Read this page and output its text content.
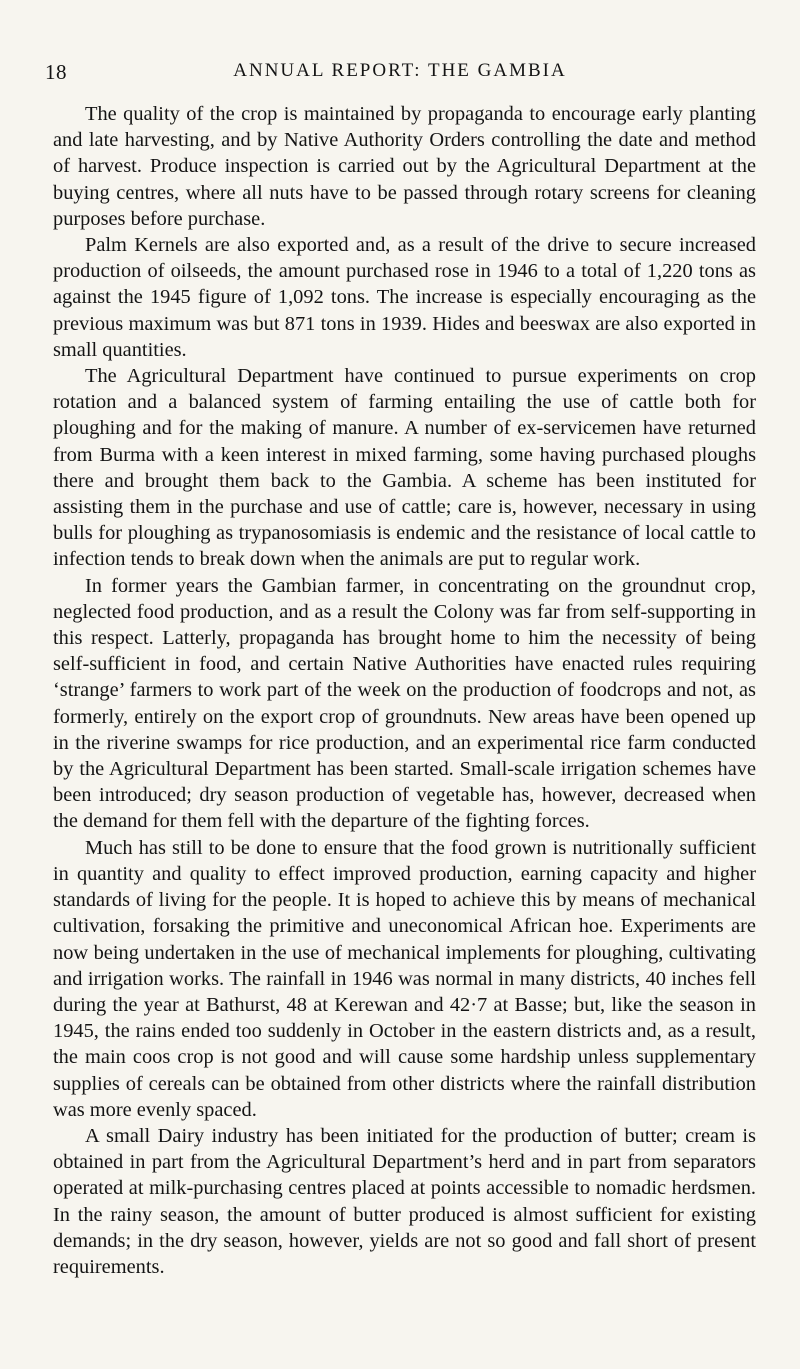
18	ANNUAL REPORT: THE GAMBIA

The quality of the crop is maintained by propaganda to encourage early planting and late harvesting, and by Native Authority Orders controlling the date and method of harvest. Produce inspection is carried out by the Agricultural Department at the buying centres, where all nuts have to be passed through rotary screens for cleaning purposes before purchase.

Palm Kernels are also exported and, as a result of the drive to secure increased production of oilseeds, the amount purchased rose in 1946 to a total of 1,220 tons as against the 1945 figure of 1,092 tons. The increase is especially encouraging as the previous maximum was but 871 tons in 1939. Hides and beeswax are also exported in small quantities.

The Agricultural Department have continued to pursue experiments on crop rotation and a balanced system of farming entailing the use of cattle both for ploughing and for the making of manure. A number of ex-servicemen have returned from Burma with a keen interest in mixed farming, some having purchased ploughs there and brought them back to the Gambia. A scheme has been instituted for assisting them in the purchase and use of cattle; care is, however, necessary in using bulls for ploughing as trypanosomiasis is endemic and the resistance of local cattle to infection tends to break down when the animals are put to regular work.

In former years the Gambian farmer, in concentrating on the groundnut crop, neglected food production, and as a result the Colony was far from self-supporting in this respect. Latterly, propaganda has brought home to him the necessity of being self-sufficient in food, and certain Native Authorities have enacted rules requiring ‘strange’ farmers to work part of the week on the production of foodcrops and not, as formerly, entirely on the export crop of groundnuts. New areas have been opened up in the riverine swamps for rice production, and an experimental rice farm conducted by the Agricultural Department has been started. Small-scale irrigation schemes have been introduced; dry season production of vegetable has, however, decreased when the demand for them fell with the departure of the fighting forces.

Much has still to be done to ensure that the food grown is nutritionally sufficient in quantity and quality to effect improved production, earning capacity and higher standards of living for the people. It is hoped to achieve this by means of mechanical cultivation, forsaking the primitive and uneconomical African hoe. Experiments are now being undertaken in the use of mechanical implements for ploughing, cultivating and irrigation works. The rainfall in 1946 was normal in many districts, 40 inches fell during the year at Bathurst, 48 at Kerewan and 42·7 at Basse; but, like the season in 1945, the rains ended too suddenly in October in the eastern districts and, as a result, the main coos crop is not good and will cause some hardship unless supplementary supplies of cereals can be obtained from other districts where the rainfall distribution was more evenly spaced.

A small Dairy industry has been initiated for the production of butter; cream is obtained in part from the Agricultural Department’s herd and in part from separators operated at milk-purchasing centres placed at points accessible to nomadic herdsmen. In the rainy season, the amount of butter produced is almost sufficient for existing demands; in the dry season, however, yields are not so good and fall short of present requirements.
